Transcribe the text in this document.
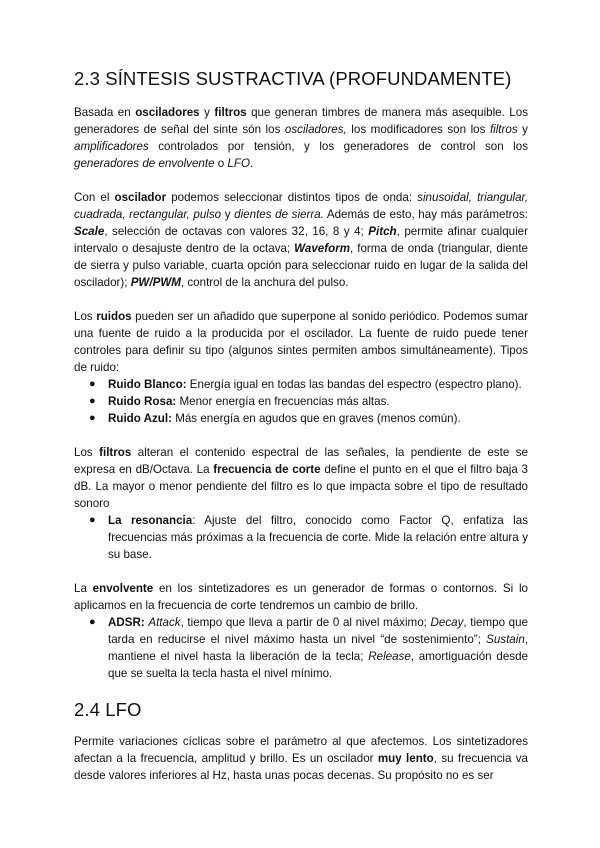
2.3 SÍNTESIS SUSTRACTIVA (PROFUNDAMENTE)

Basada en osciladores y filtros que generan timbres de manera más asequible. Los generadores de señal del sinte són los osciladores, los modificadores son los filtros y amplificadores controlados por tensión, y los generadores de control son los generadores de envolvente o LFO.

Con el oscilador podemos seleccionar distintos tipos de onda: sinusoidal, triangular, cuadrada, rectangular, pulso y dientes de sierra. Además de esto, hay más parámetros: Scale, selección de octavas con valores 32, 16, 8 y 4; Pitch, permite afinar cualquier intervalo o desajuste dentro de la octava; Waveform, forma de onda (triangular, diente de sierra y pulso variable, cuarta opción para seleccionar ruido en lugar de la salida del oscilador); PW/PWM, control de la anchura del pulso.

Los ruidos pueden ser un añadido que superpone al sonido periódico. Podemos sumar una fuente de ruido a la producida por el oscilador. La fuente de ruido puede tener controles para definir su tipo (algunos sintes permiten ambos simultáneamente). Tipos de ruido:

● Ruido Blanco: Energía igual en todas las bandas del espectro (espectro plano).
● Ruido Rosa: Menor energía en frecuencias más altas.
● Ruido Azul: Más energía en agudos que en graves (menos común).

Los filtros alteran el contenido espectral de las señales, la pendiente de este se expresa en dB/Octava. La frecuencia de corte define el punto en el que el filtro baja 3 dB. La mayor o menor pendiente del filtro es lo que impacta sobre el tipo de resultado sonoro

● La resonancia: Ajuste del filtro, conocido como Factor Q, enfatiza las frecuencias más próximas a la frecuencia de corte. Mide la relación entre altura y su base.

La envolvente en los sintetizadores es un generador de formas o contornos. Si lo aplicamos en la frecuencia de corte tendremos un cambio de brillo.

● ADSR: Attack, tiempo que lleva a partir de 0 al nivel máximo; Decay, tiempo que tarda en reducirse el nivel máximo hasta un nivel “de sostenimiento”; Sustain, mantiene el nivel hasta la liberación de la tecla; Release, amortiguación desde que se suelta la tecla hasta el nivel mínimo.
2.4 LFO

Permite variaciones cíclicas sobre el parámetro al que afectemos. Los sintetizadores afectan a la frecuencia, amplitud y brillo. Es un oscilador muy lento, su frecuencia va desde valores inferiores al Hz, hasta unas pocas decenas. Su propósito no es ser
